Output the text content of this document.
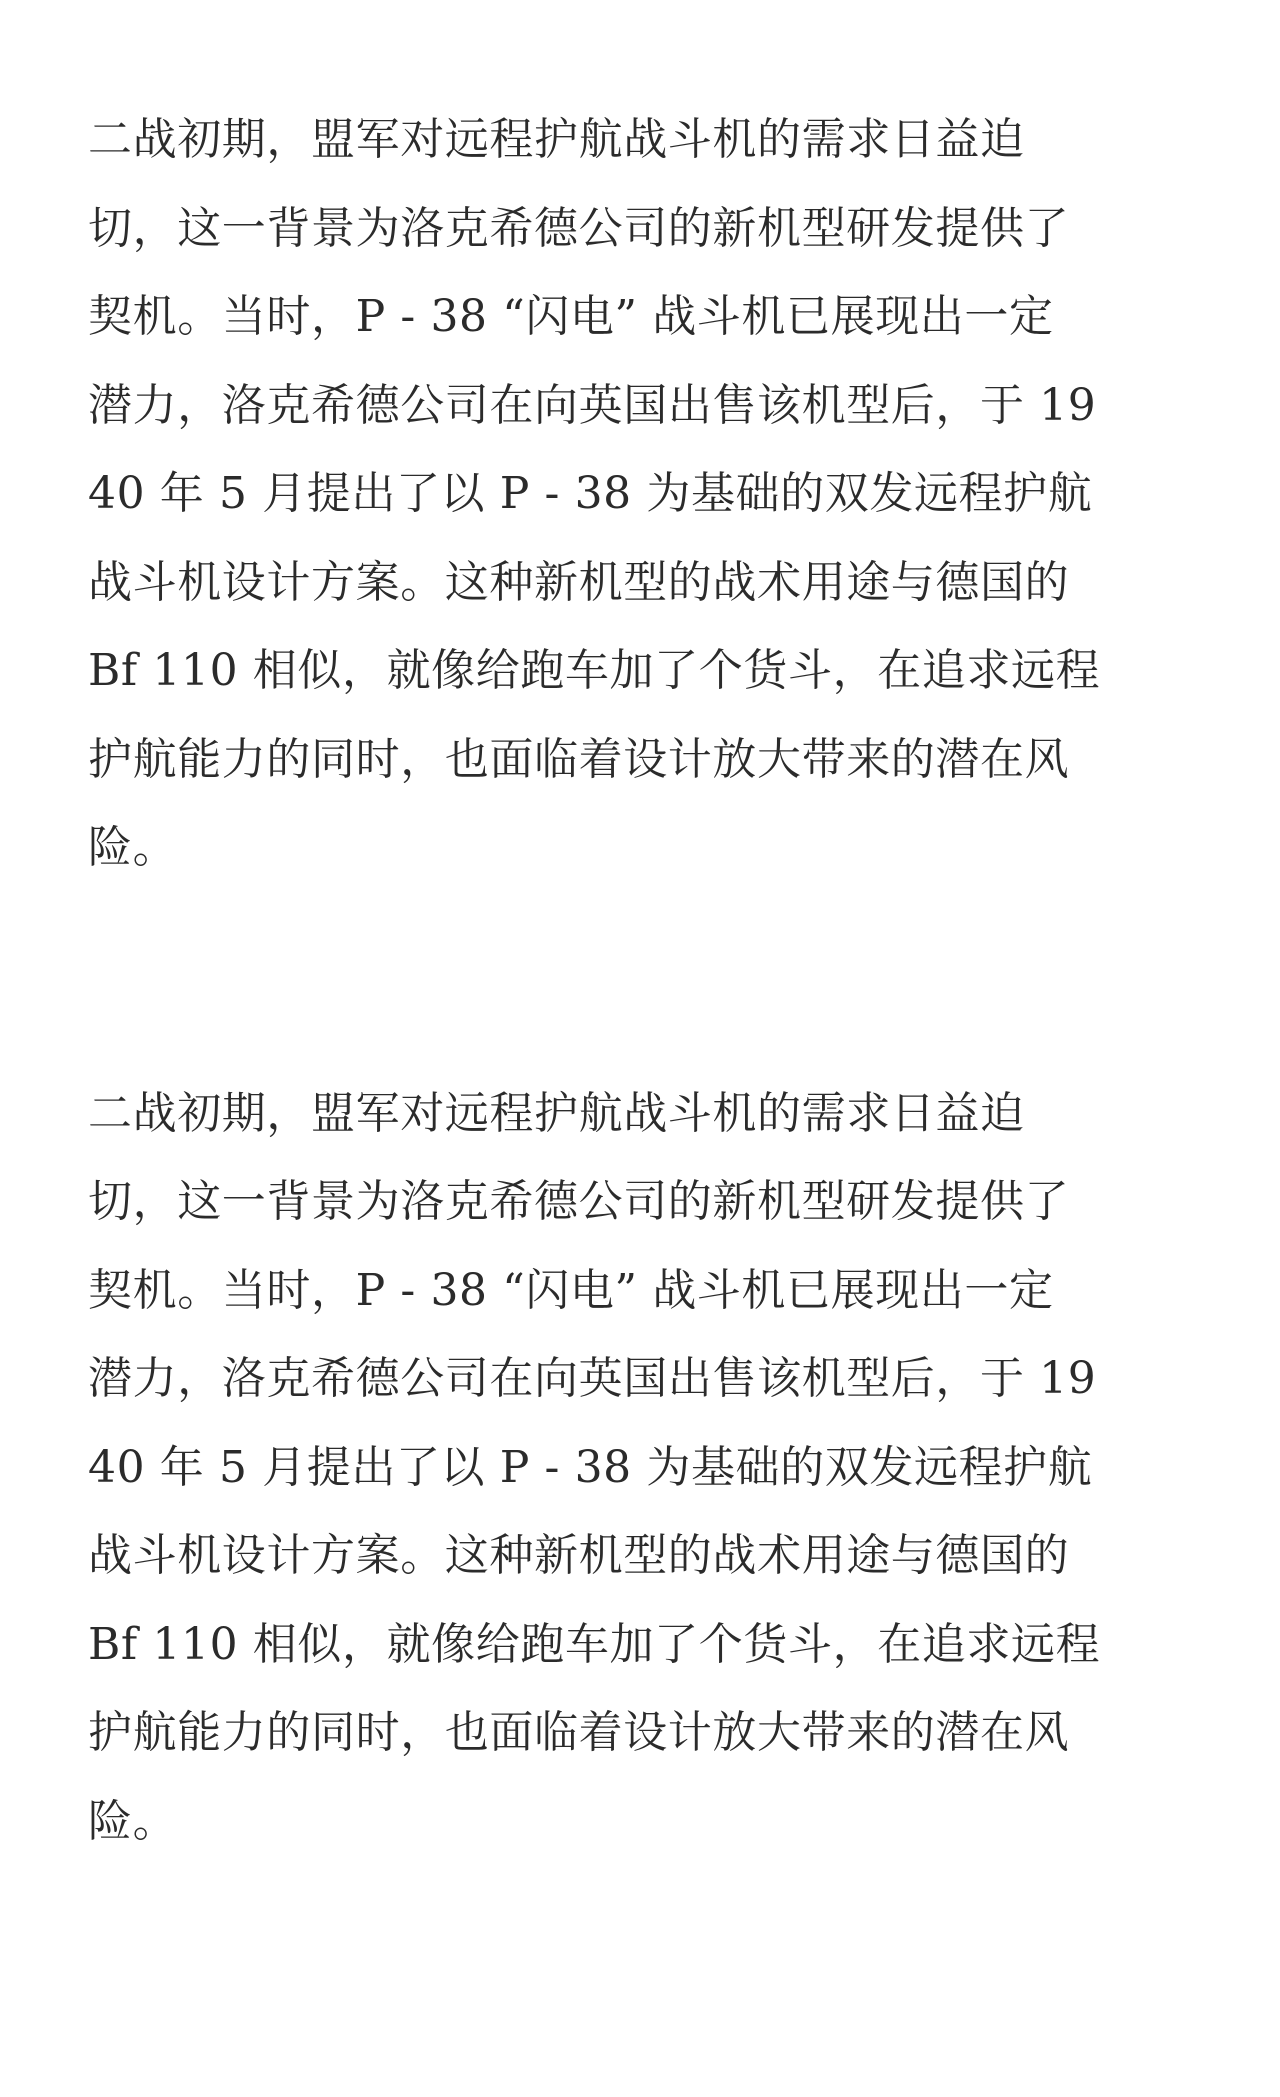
二战初期，盟军对远程护航战斗机的需求日益迫
切，这一背景为洛克希德公司的新机型研发提供了
契机。当时，P - 38 “闪电” 战斗机已展现出一定
潜力，洛克希德公司在向英国出售该机型后，于 19
40 年 5 月提出了以 P - 38 为基础的双发远程护航
战斗机设计方案。这种新机型的战术用途与德国的
Bf 110 相似，就像给跑车加了个货斗，在追求远程
护航能力的同时，也面临着设计放大带来的潜在风
险。

二战初期，盟军对远程护航战斗机的需求日益迫
切，这一背景为洛克希德公司的新机型研发提供了
契机。当时，P - 38 “闪电” 战斗机已展现出一定
潜力，洛克希德公司在向英国出售该机型后，于 19
40 年 5 月提出了以 P - 38 为基础的双发远程护航
战斗机设计方案。这种新机型的战术用途与德国的
Bf 110 相似，就像给跑车加了个货斗，在追求远程
护航能力的同时，也面临着设计放大带来的潜在风
险。
